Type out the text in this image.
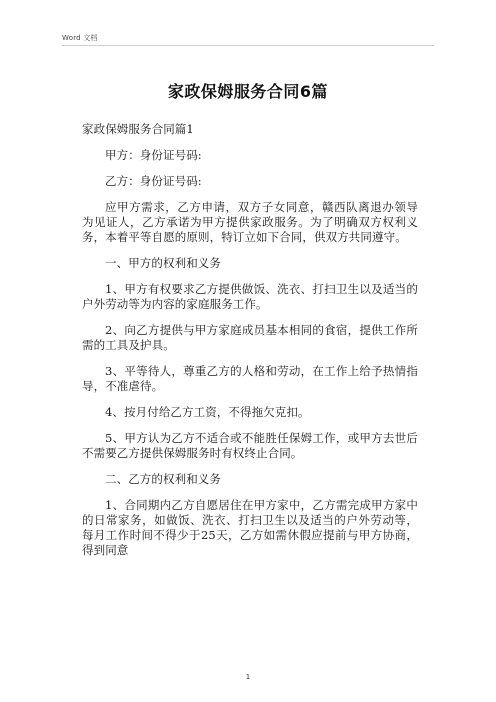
Word 文档
家政保姆服务合同6篇

家政保姆服务合同篇1

甲方：身份证号码:

乙方：身份证号码:

应甲方需求，乙方申请，双方子女同意，赣西队离退办领导为见证人，乙方承诺为甲方提供家政服务。为了明确双方权利义务，本着平等自愿的原则，特订立如下合同，供双方共同遵守。

一、甲方的权利和义务

1、甲方有权要求乙方提供做饭、洗衣、打扫卫生以及适当的户外劳动等为内容的家庭服务工作。

2、向乙方提供与甲方家庭成员基本相同的食宿，提供工作所需的工具及护具。

3、平等待人，尊重乙方的人格和劳动，在工作上给予热情指导，不准虐待。

4、按月付给乙方工资，不得拖欠克扣。

5、甲方认为乙方不适合或不能胜任保姆工作，或甲方去世后不需要乙方提供保姆服务时有权终止合同。

二、乙方的权利和义务

1、合同期内乙方自愿居住在甲方家中，乙方需完成甲方家中的日常家务，如做饭、洗衣、打扫卫生以及适当的户外劳动等，每月工作时间不得少于25天，乙方如需休假应提前与甲方协商，得到同意

1
